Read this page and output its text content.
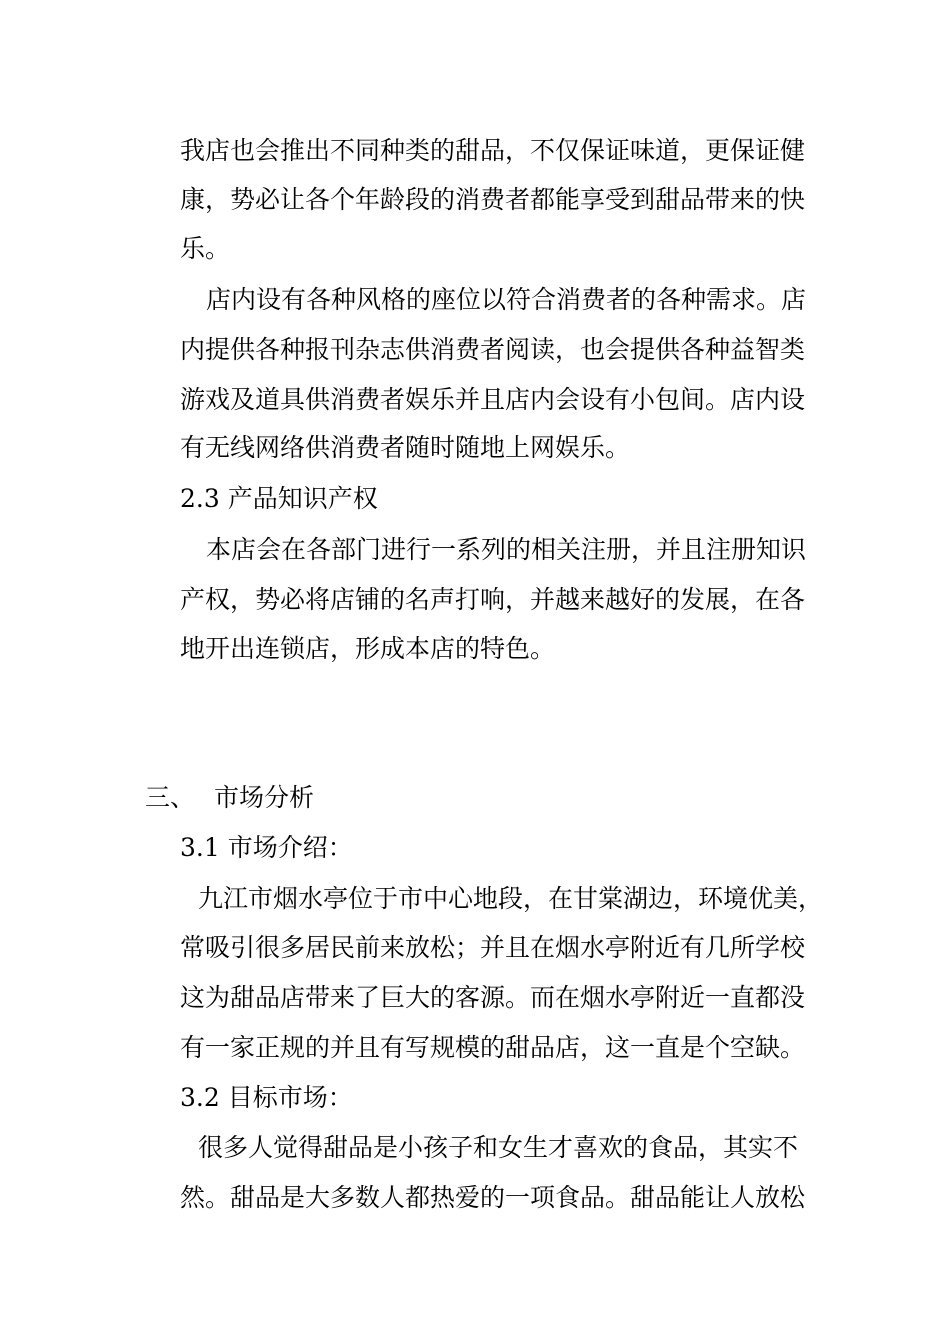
我店也会推出不同种类的甜品，不仅保证味道，更保证健
康，势必让各个年龄段的消费者都能享受到甜品带来的快
乐。
店内设有各种风格的座位以符合消费者的各种需求。店
内提供各种报刊杂志供消费者阅读，也会提供各种益智类
游戏及道具供消费者娱乐并且店内会设有小包间。店内设
有无线网络供消费者随时随地上网娱乐。
2.3 产品知识产权
本店会在各部门进行一系列的相关注册，并且注册知识
产权，势必将店铺的名声打响，并越来越好的发展，在各
地开出连锁店，形成本店的特色。
三、 市场分析
3.1 市场介绍：
九江市烟水亭位于市中心地段，在甘棠湖边，环境优美，
常吸引很多居民前来放松；并且在烟水亭附近有几所学校
这为甜品店带来了巨大的客源。而在烟水亭附近一直都没
有一家正规的并且有写规模的甜品店，这一直是个空缺。
3.2 目标市场：
很多人觉得甜品是小孩子和女生才喜欢的食品，其实不
然。甜品是大多数人都热爱的一项食品。甜品能让人放松
